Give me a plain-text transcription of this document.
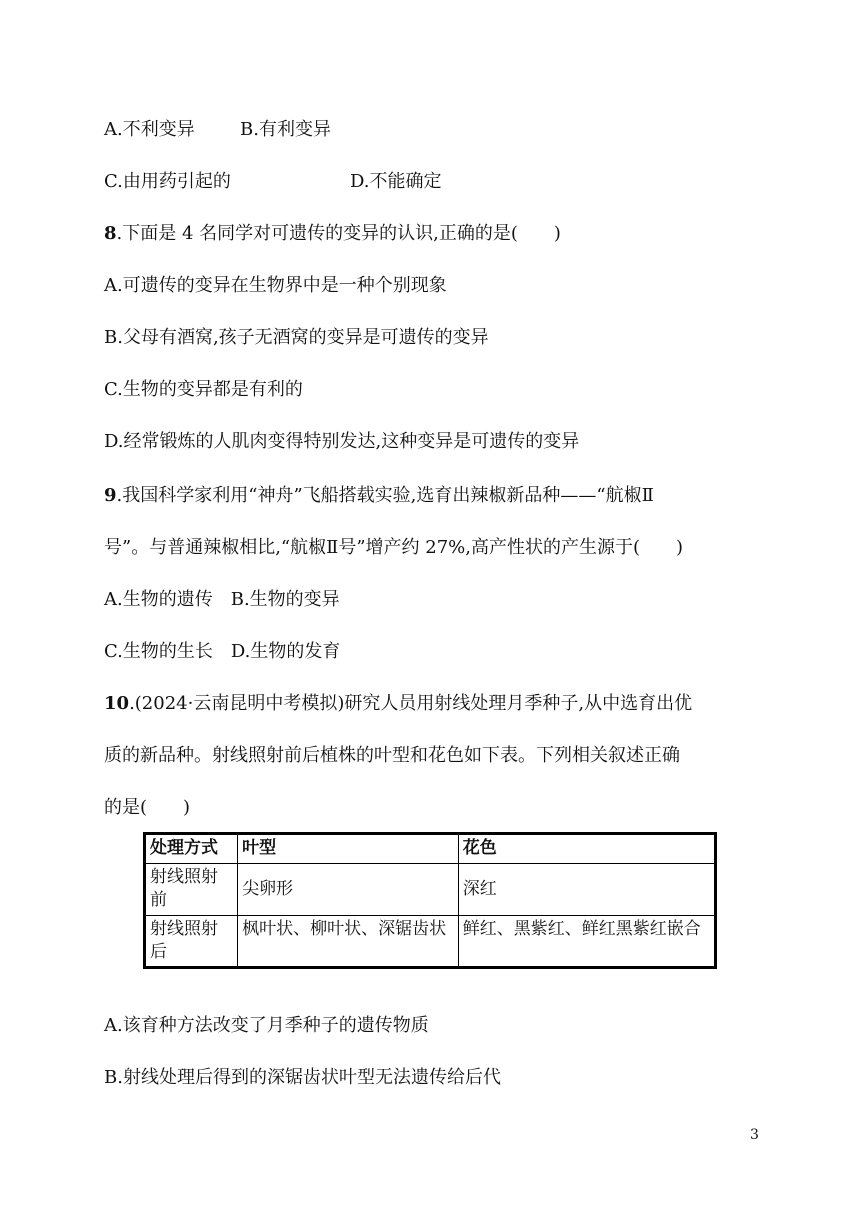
A.不利变异	B.有利变异
C.由用药引起的	D.不能确定
8.下面是 4 名同学对可遗传的变异的认识,正确的是(　　)
A.可遗传的变异在生物界中是一种个别现象
B.父母有酒窝,孩子无酒窝的变异是可遗传的变异
C.生物的变异都是有利的
D.经常锻炼的人肌肉变得特别发达,这种变异是可遗传的变异
9.我国科学家利用“神舟”飞船搭载实验,选育出辣椒新品种——“航椒Ⅱ
号”。与普通辣椒相比,“航椒Ⅱ号”增产约 27%,高产性状的产生源于(　　)
A.生物的遗传　B.生物的变异
C.生物的生长　D.生物的发育
10.(2024·云南昆明中考模拟)研究人员用射线处理月季种子,从中选育出优
质的新品种。射线照射前后植株的叶型和花色如下表。下列相关叙述正确
的是(　　)
处理方式	叶型	花色
射线照射前	尖卵形	深红
射线照射后	枫叶状、柳叶状、深锯齿状	鲜红、黑紫红、鲜红黑紫红嵌合
A.该育种方法改变了月季种子的遗传物质
B.射线处理后得到的深锯齿状叶型无法遗传给后代
3
